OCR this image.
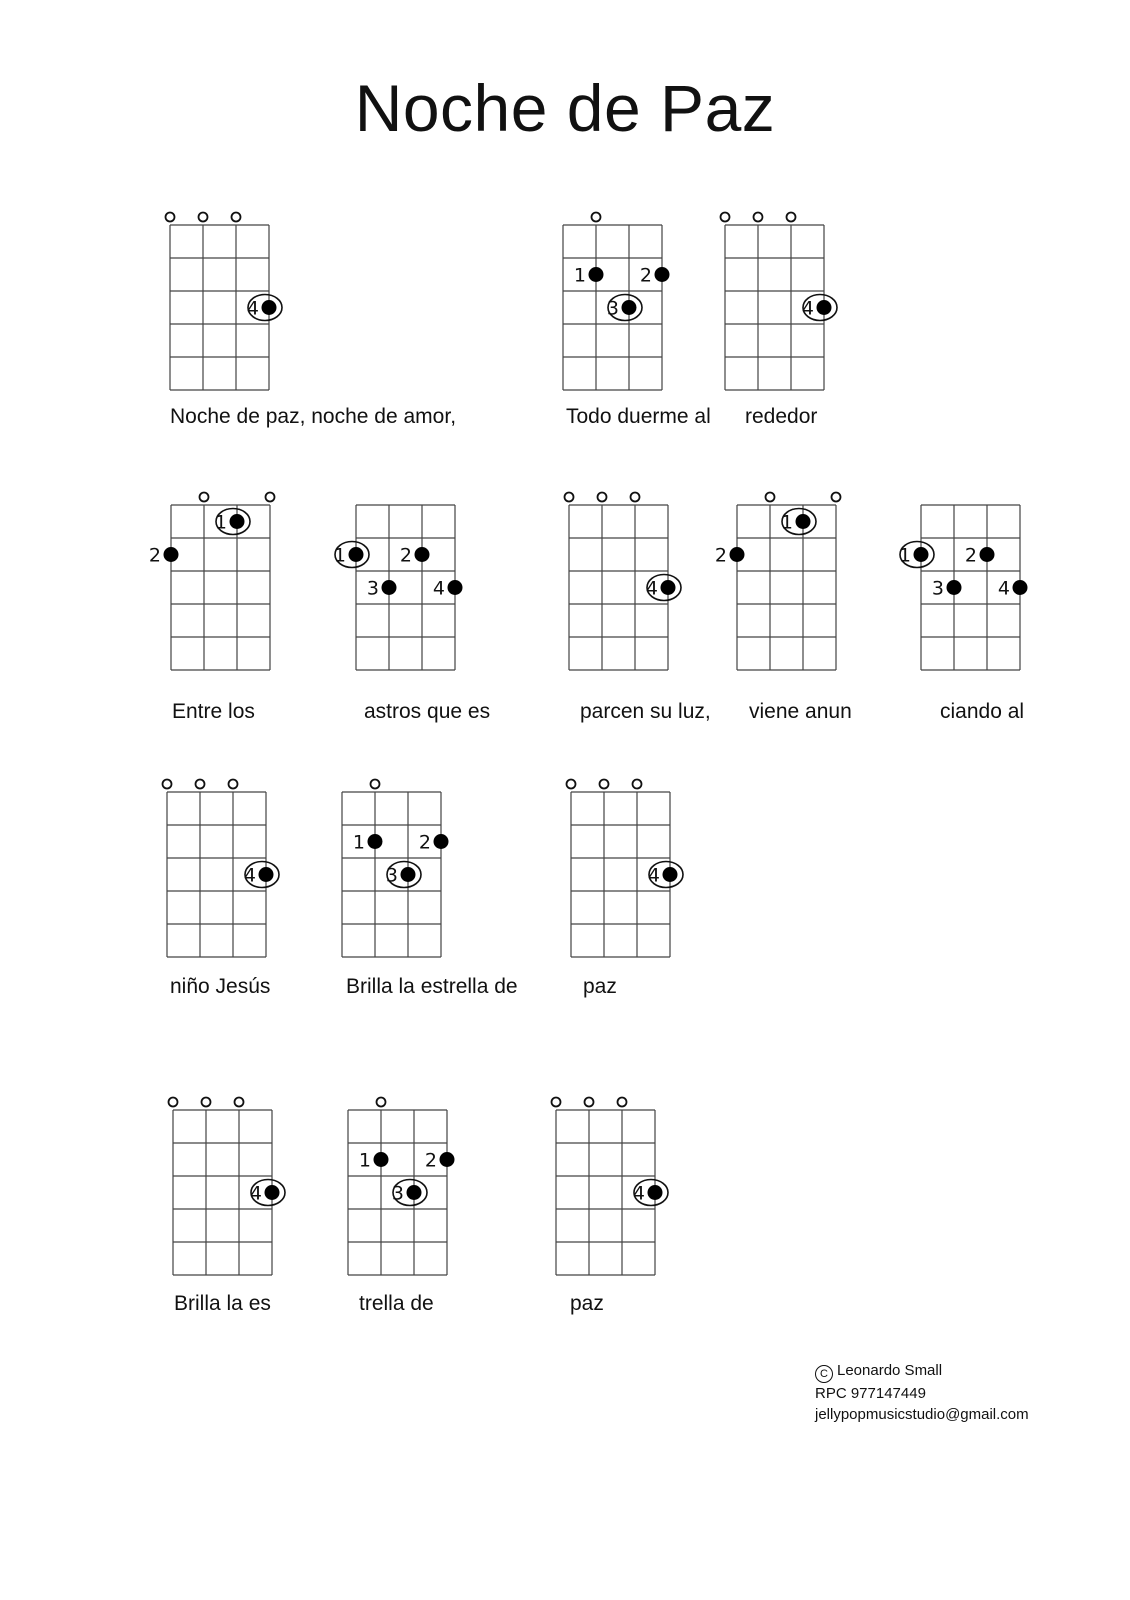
Noche de Paz
4
Noche de paz, noche de amor,
1	2
3
Todo duerme al
4
rededor
1
2
Entre los
1	2
3	4
astros que es
4
parcen su luz,
1
2
viene anun
1	2
3	4
ciando al
4
niño Jesús
1	2
3
Brilla la estrella de
4
paz
4
Brilla la es
1	2
3
trella de
4
paz
C Leonardo Small
RPC 977147449
jellypopmusicstudio@gmail.com
